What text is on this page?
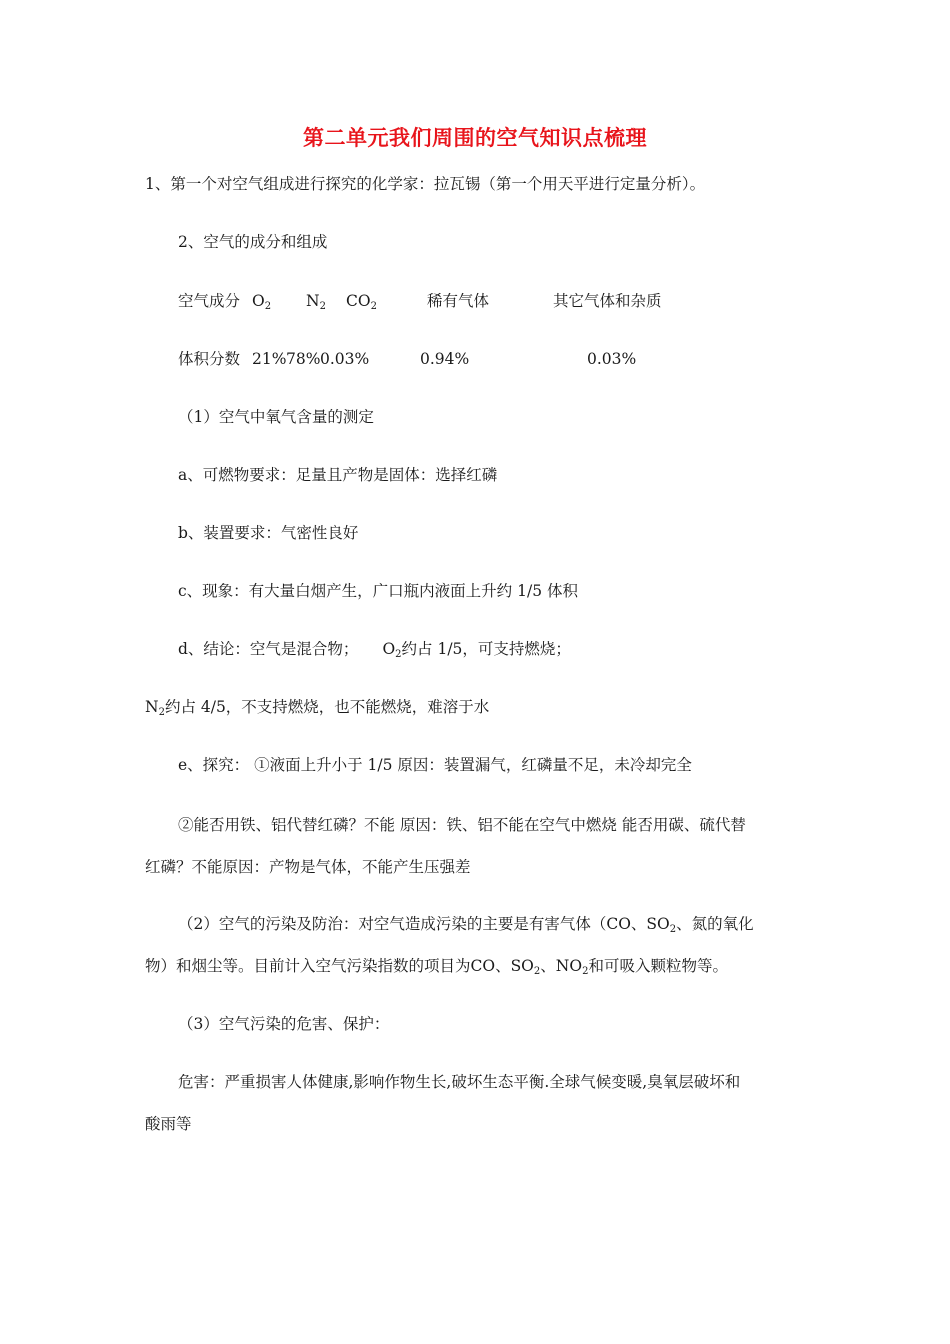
第二单元我们周围的空气知识点梳理
1、第一个对空气组成进行探究的化学家：拉瓦锡（第一个用天平进行定量分析）。
2、空气的成分和组成
空气成分 $O_2$ $N_2$ $CO_2$	稀有气体	其它气体和杂质
体积分数 21% 78% 0.03%	0.94%	0.03%
（1）空气中氧气含量的测定
a、可燃物要求：足量且产物是固体：选择红磷
b、装置要求：气密性良好
c、现象：有大量白烟产生，广口瓶内液面上升约 1/5 体积
d、结论：空气是混合物； $O_2$约占 1/5，可支持燃烧；
$N_2$约占 4/5，不支持燃烧，也不能燃烧，难溶于水
e、探究： ①液面上升小于 1/5 原因：装置漏气，红磷量不足，未冷却完全
②能否用铁、铝代替红磷？不能 原因：铁、铝不能在空气中燃烧 能否用碳、硫代替
红磷？不能原因：产物是气体，不能产生压强差
（2）空气的污染及防治：对空气造成污染的主要是有害气体（CO、$SO_2$、氮的氧化
物）和烟尘等。目前计入空气污染指数的项目为CO、$SO_2$、$NO_2$和可吸入颗粒物等。
（3）空气污染的危害、保护：
危害：严重损害人体健康,影响作物生长,破坏生态平衡.全球气候变暖,臭氧层破坏和
酸雨等
